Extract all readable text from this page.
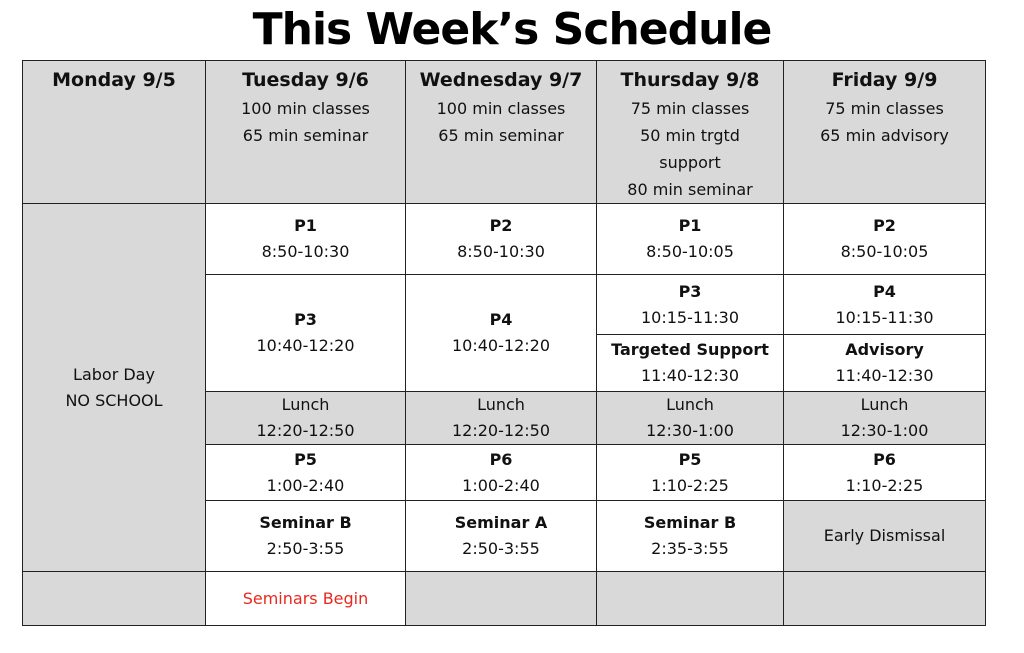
This Week’s Schedule
Monday 9/5	Tuesday 9/6
100 min classes
65 min seminar	Wednesday 9/7
100 min classes
65 min seminar	Thursday 9/8
75 min classes
50 min trgtd
support
80 min seminar	Friday 9/9
75 min classes
65 min advisory

Labor Day
NO SCHOOL	P1
8:50-10:30	P2
8:50-10:30	P1
8:50-10:05	P2
8:50-10:05

	P3
10:40-12:20	P4
10:40-12:20	P3
10:15-11:30	P4
10:15-11:30

			Targeted Support
11:40-12:30	Advisory
11:40-12:30

	Lunch
12:20-12:50	Lunch
12:20-12:50	Lunch
12:30-1:00	Lunch
12:30-1:00

	P5
1:00-2:40	P6
1:00-2:40	P5
1:10-2:25	P6
1:10-2:25

	Seminar B
2:50-3:55	Seminar A
2:50-3:55	Seminar B
2:35-3:55	Early Dismissal

	Seminars Begin			
